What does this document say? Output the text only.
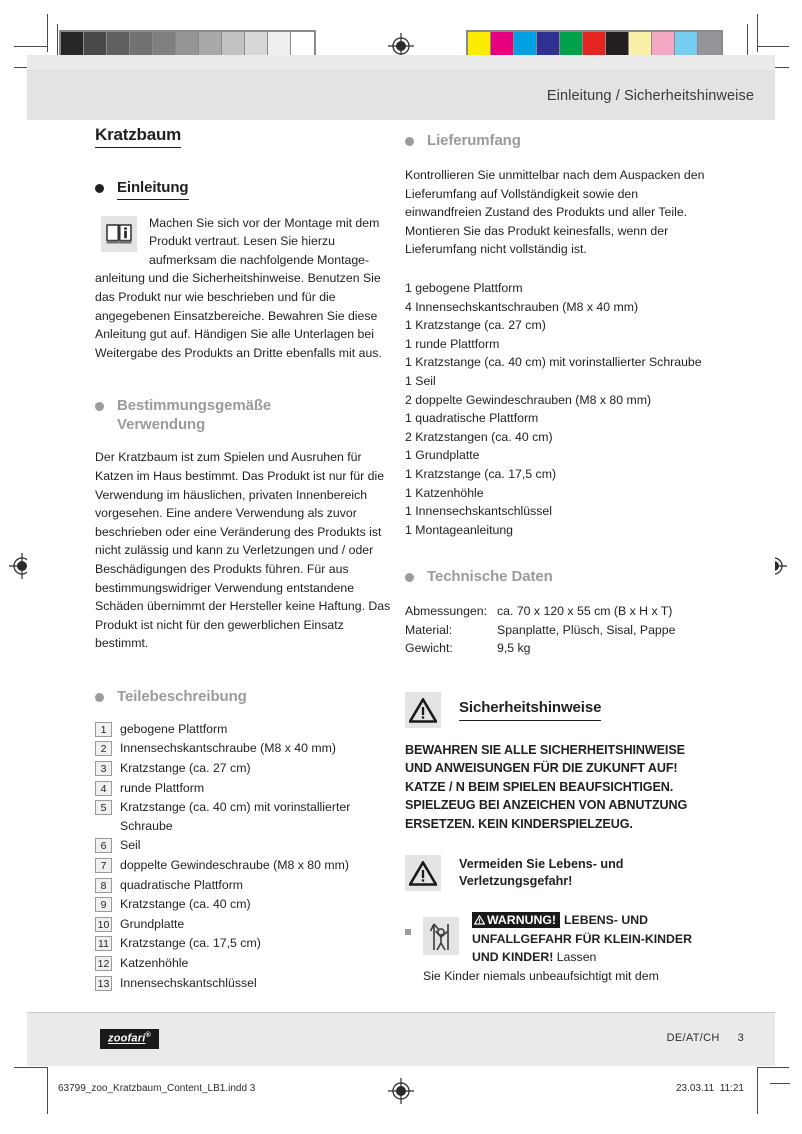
Einleitung / Sicherheitshinweise
Kratzbaum
Einleitung

Machen Sie sich vor der Montage mit dem Produkt vertraut. Lesen Sie hierzu aufmerksam die nachfolgende Montage-anleitung und die Sicherheitshinweise. Benutzen Sie das Produkt nur wie beschrieben und für die angegebenen Einsatzbereiche. Bewahren Sie diese Anleitung gut auf. Händigen Sie alle Unterlagen bei Weitergabe des Produkts an Dritte ebenfalls mit aus.

Bestimmungsgemäße
Verwendung

Der Kratzbaum ist zum Spielen und Ausruhen für Katzen im Haus bestimmt. Das Produkt ist nur für die Verwendung im häuslichen, privaten Innenbereich vorgesehen. Eine andere Verwendung als zuvor beschrieben oder eine Veränderung des Produkts ist nicht zulässig und kann zu Verletzungen und / oder Beschädigungen des Produkts führen. Für aus bestimmungswidriger Verwendung entstandene Schäden übernimmt der Hersteller keine Haftung. Das Produkt ist nicht für den gewerblichen Einsatz bestimmt.

Teilebeschreibung
1	gebogene Plattform
2	Innensechskantschraube (M8 x 40 mm)
3	Kratzstange (ca. 27 cm)
4	runde Plattform
5	Kratzstange (ca. 40 cm) mit vorinstallierter Schraube
6	Seil
7	doppelte Gewindeschraube (M8 x 80 mm)
8	quadratische Plattform
9	Kratzstange (ca. 40 cm)
10 Grundplatte
11 Kratzstange (ca. 17,5 cm)
12 Katzenhöhle
13 Innensechskantschlüssel
Lieferumfang

Kontrollieren Sie unmittelbar nach dem Auspacken den Lieferumfang auf Vollständigkeit sowie den einwandfreien Zustand des Produkts und aller Teile. Montieren Sie das Produkt keinesfalls, wenn der Lieferumfang nicht vollständig ist.

1 gebogene Plattform
4 Innensechskantschrauben (M8 x 40 mm)
1 Kratzstange (ca. 27 cm)
1 runde Plattform
1 Kratzstange (ca. 40 cm) mit vorinstallierter Schraube
1 Seil
2 doppelte Gewindeschrauben (M8 x 80 mm)
1 quadratische Plattform
2 Kratzstangen (ca. 40 cm)
1 Grundplatte
1 Kratzstange (ca. 17,5 cm)
1 Katzenhöhle
1 Innensechskantschlüssel
1 Montageanleitung
Technische Daten
Abmessungen: ca. 70 x 120 x 55 cm (B x H x T)
Material:	Spanplatte, Plüsch, Sisal, Pappe
Gewicht:	9,5 kg
Sicherheitshinweise

BEWAHREN SIE ALLE SICHERHEITSHINWEISE UND ANWEISUNGEN FÜR DIE ZUKUNFT AUF! KATZE / N BEIM SPIELEN BEAUFSICHTIGEN. SPIELZEUG BEI ANZEICHEN VON ABNUTZUNG ERSETZEN. KEIN KINDERSPIELZEUG.

Vermeiden Sie Lebens- und
Verletzungsgefahr!
WARNUNG! LEBENS- UND UNFALLGEFAHR FÜR KLEIN-KINDER UND KINDER! Lassen
Sie Kinder niemals unbeaufsichtigt mit dem
zoofari®	DE/AT/CH 3
63799_zoo_Kratzbaum_Content_LB1.indd 3	23.03.11 11:21
